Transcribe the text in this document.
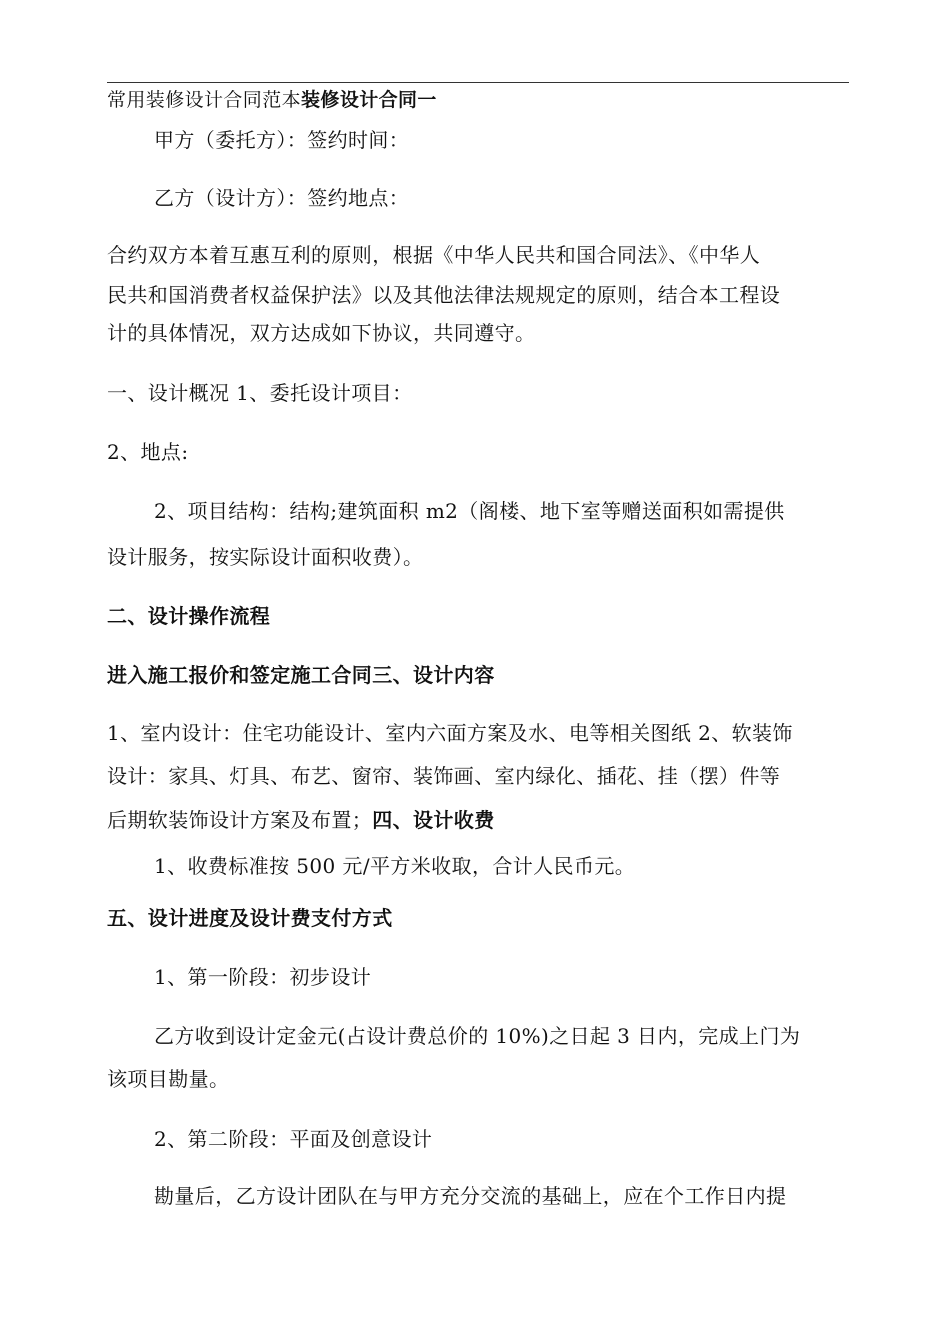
常用装修设计合同范本装修设计合同一
甲方（委托方）：签约时间：
乙方（设计方）：签约地点：
合约双方本着互惠互利的原则，根据《中华人民共和国合同法》、《中华人
民共和国消费者权益保护法》以及其他法律法规规定的原则，结合本工程设
计的具体情况，双方达成如下协议，共同遵守。
一、设计概况 1、委托设计项目：
2、地点:
2、项目结构：结构;建筑面积 m2（阁楼、地下室等赠送面积如需提供
设计服务，按实际设计面积收费）。
二、设计操作流程
进入施工报价和签定施工合同三、设计内容
1、室内设计：住宅功能设计、室内六面方案及水、电等相关图纸 2、软装饰
设计：家具、灯具、布艺、窗帘、装饰画、室内绿化、插花、挂（摆）件等
后期软装饰设计方案及布置；四、设计收费
1、收费标准按 500 元/平方米收取，合计人民币元。
五、设计进度及设计费支付方式
1、第一阶段：初步设计
乙方收到设计定金元(占设计费总价的 10%)之日起 3 日内，完成上门为
该项目勘量。
2、第二阶段：平面及创意设计
勘量后，乙方设计团队在与甲方充分交流的基础上，应在个工作日内提
